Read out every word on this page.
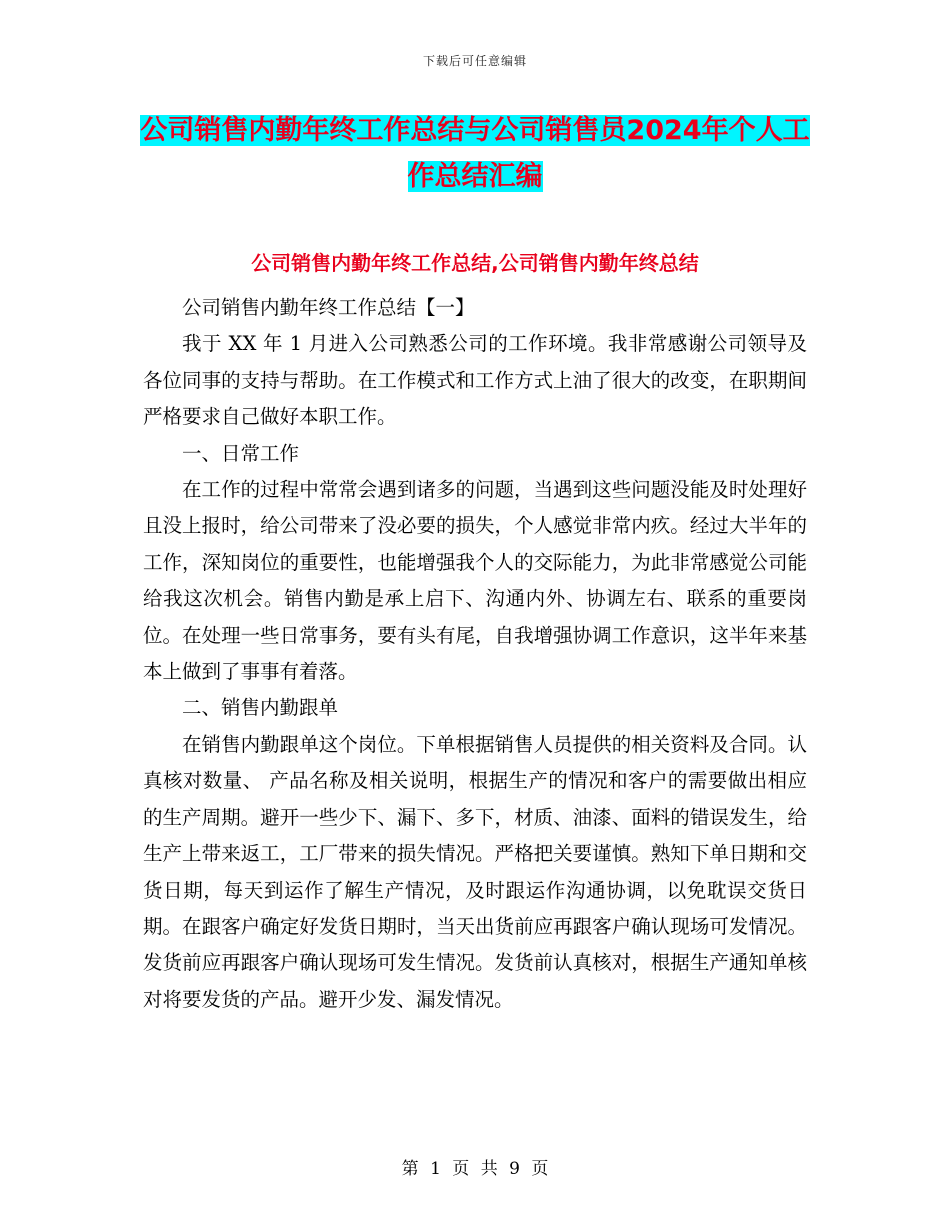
下载后可任意编辑
公司销售内勤年终工作总结与公司销售员2024年个人工作总结汇编
公司销售内勤年终工作总结,公司销售内勤年终总结

公司销售内勤年终工作总结【一】

我于 XX 年 1 月进入公司熟悉公司的工作环境。我非常感谢公司领导及各位同事的支持与帮助。在工作模式和工作方式上油了很大的改变，在职期间严格要求自己做好本职工作。

一、日常工作

在工作的过程中常常会遇到诸多的问题，当遇到这些问题没能及时处理好且没上报时，给公司带来了没必要的损失，个人感觉非常内疚。经过大半年的工作，深知岗位的重要性，也能增强我个人的交际能力，为此非常感觉公司能给我这次机会。销售内勤是承上启下、沟通内外、协调左右、联系的重要岗位。在处理一些日常事务，要有头有尾，自我增强协调工作意识，这半年来基本上做到了事事有着落。

二、销售内勤跟单

在销售内勤跟单这个岗位。下单根据销售人员提供的相关资料及合同。认真核对数量、 产品名称及相关说明，根据生产的情况和客户的需要做出相应的生产周期。避开一些少下、漏下、多下，材质、油漆、面料的错误发生，给生产上带来返工，工厂带来的损失情况。严格把关要谨慎。熟知下单日期和交货日期，每天到运作了解生产情况，及时跟运作沟通协调，以免耽误交货日期。在跟客户确定好发货日期时，当天出货前应再跟客户确认现场可发情况。 发货前应再跟客户确认现场可发生情况。发货前认真核对，根据生产通知单核对将要发货的产品。避开少发、漏发情况。

第 1 页 共 9 页
